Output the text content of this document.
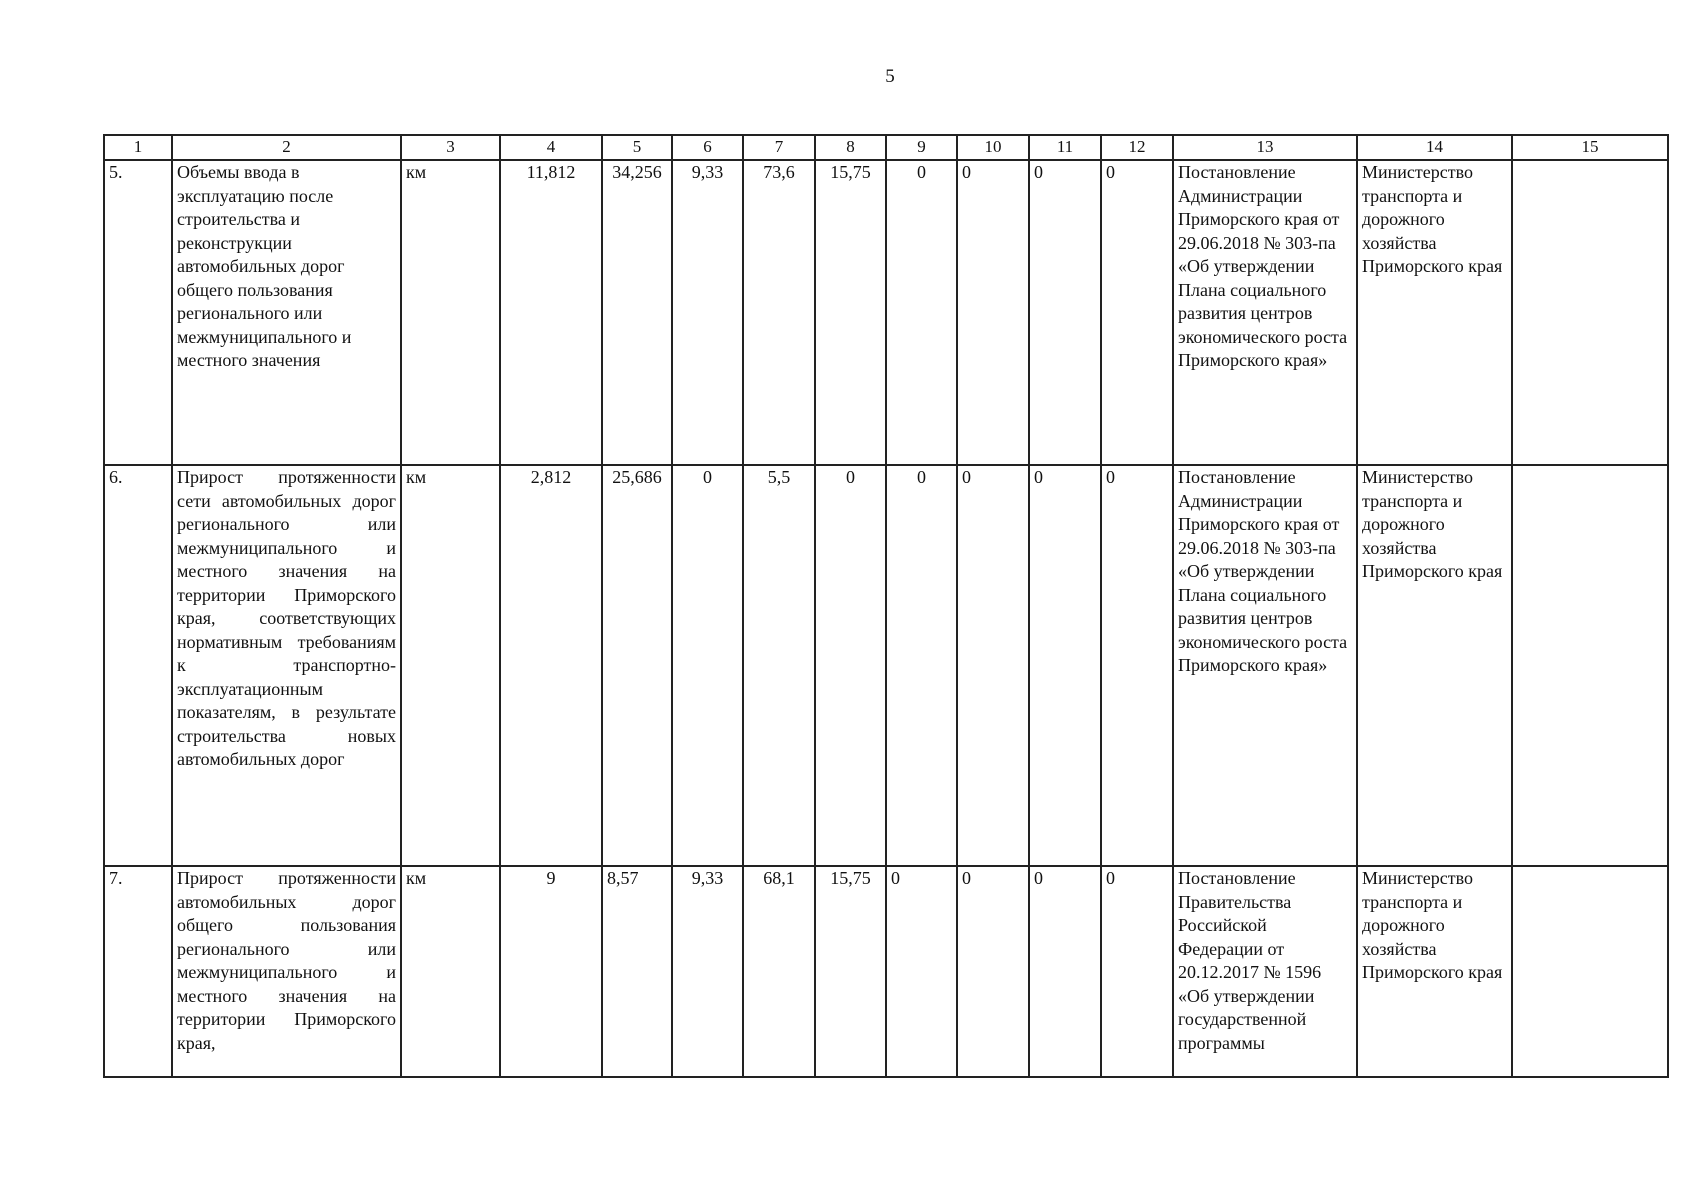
5
1	2	3	4	5	6	7	8	9	10	11	12	13	14	15
5.	Объемы ввода в эксплуатацию после строительства и реконструкции автомобильных дорог общего пользования регионального или межмуниципального и местного значения	км	11,812	34,256	9,33	73,6	15,75	0	0	0	0	Постановление Администрации Приморского края от 29.06.2018 № 303-па «Об утверждении Плана социального развития центров экономического роста Приморского края»	Министерство транспорта и дорожного хозяйства Приморского края	
6.	Прирост протяженности сети автомобильных дорог регионального или межмуниципального и местного значения на территории Приморского края, соответствующих нормативным требованиям к транспортно-эксплуатационным показателям, в результате строительства новых автомобильных дорог	км	2,812	25,686	0	5,5	0	0	0	0	0	Постановление Администрации Приморского края от 29.06.2018 № 303-па «Об утверждении Плана социального развития центров экономического роста Приморского края»	Министерство транспорта и дорожного хозяйства Приморского края	
7.	Прирост протяженности автомобильных дорог общего пользования регионального или межмуниципального и местного значения на территории Приморского края,	км	9	8,57	9,33	68,1	15,75	0	0	0	0	Постановление Правительства Российской Федерации от 20.12.2017 № 1596 «Об утверждении государственной программы	Министерство транспорта и дорожного хозяйства Приморского края	
